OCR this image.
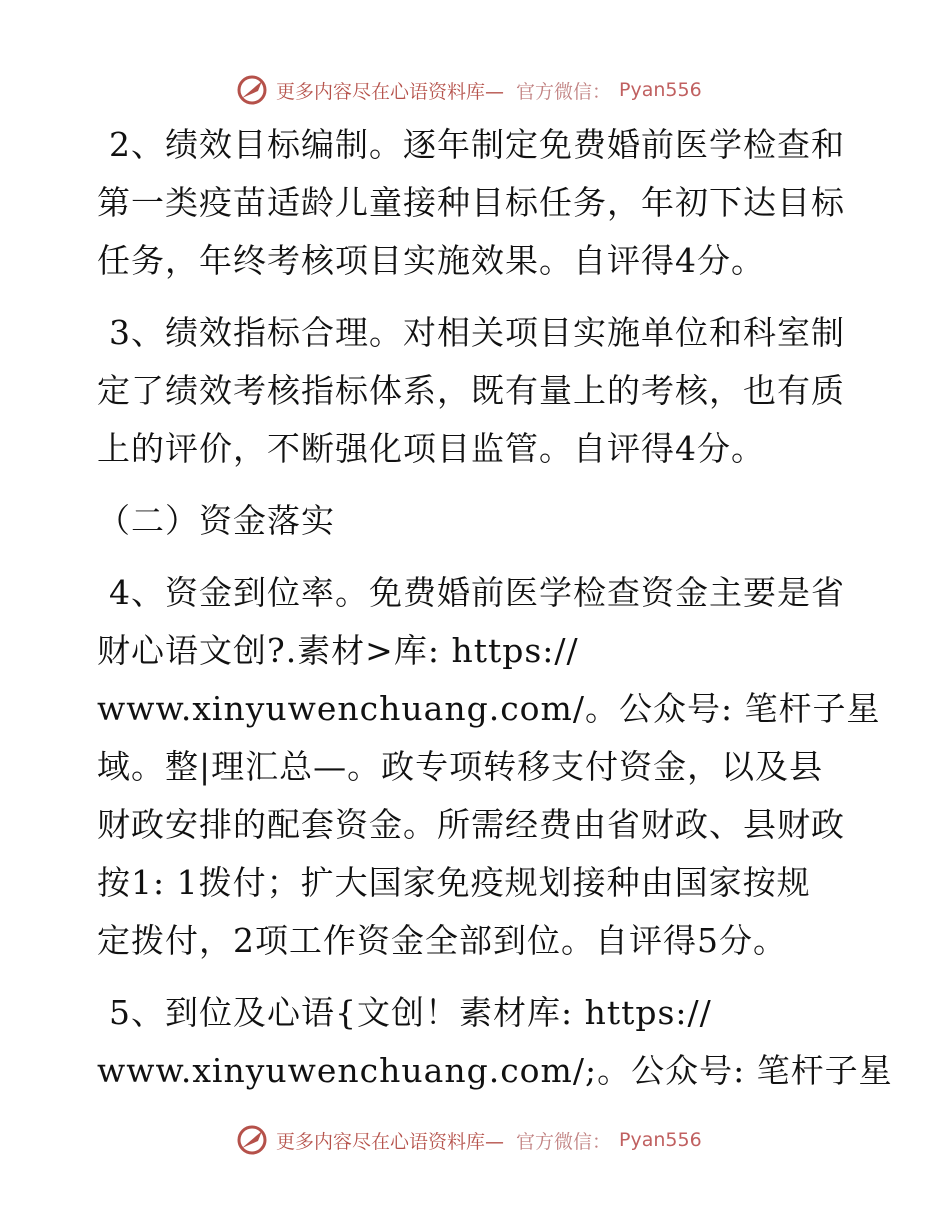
更多内容尽在心语资料库— 官方微信： Pyan556
2、绩效目标编制。逐年制定免费婚前医学检查和
第一类疫苗适龄儿童接种目标任务，年初下达目标
任务，年终考核项目实施效果。自评得4分。
3、绩效指标合理。对相关项目实施单位和科室制
定了绩效考核指标体系，既有量上的考核，也有质
上的评价，不断强化项目监管。自评得4分。
（二）资金落实
4、资金到位率。免费婚前医学检查资金主要是省
财心语文创?.素材>库: https://
www.xinyuwenchuang.com/。公众号: 笔杆子星
域。整|理汇总—。政专项转移支付资金，以及县
财政安排的配套资金。所需经费由省财政、县财政
按1: 1拨付；扩大国家免疫规划接种由国家按规
定拨付，2项工作资金全部到位。自评得5分。
5、到位及心语{文创！素材库: https://
www.xinyuwenchuang.com/;。公众号: 笔杆子星
更多内容尽在心语资料库— 官方微信： Pyan556
